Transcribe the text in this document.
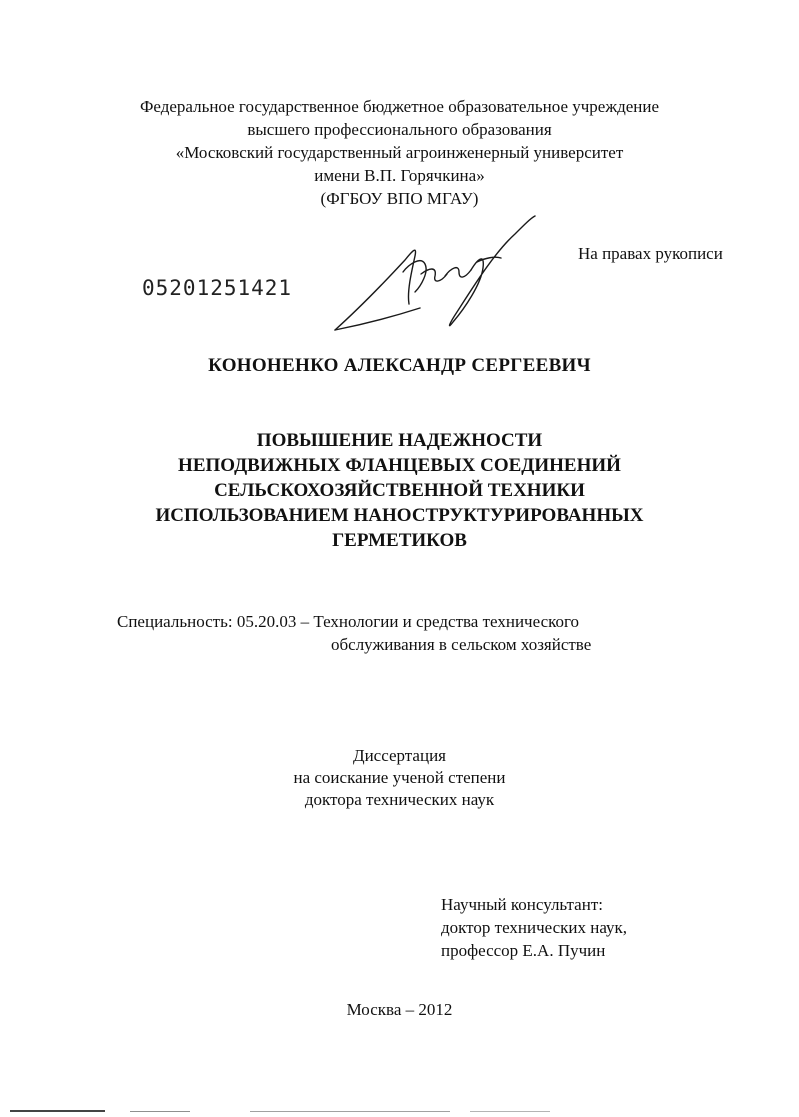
Федеральное государственное бюджетное образовательное учреждение
высшего профессионального образования
«Московский государственный агроинженерный университет
имени В.П. Горячкина»
(ФГБОУ ВПО МГАУ)
На правах рукописи
05201251421
КОНОНЕНКО АЛЕКСАНДР СЕРГЕЕВИЧ
ПОВЫШЕНИЕ НАДЕЖНОСТИ
НЕПОДВИЖНЫХ ФЛАНЦЕВЫХ СОЕДИНЕНИЙ
СЕЛЬСКОХОЗЯЙСТВЕННОЙ ТЕХНИКИ
ИСПОЛЬЗОВАНИЕМ НАНОСТРУКТУРИРОВАННЫХ
ГЕРМЕТИКОВ
Специальность: 05.20.03 – Технологии и средства технического
обслуживания в сельском хозяйстве
Диссертация
на соискание ученой степени
доктора технических наук
Научный консультант:
доктор технических наук,
профессор Е.А. Пучин
Москва – 2012
